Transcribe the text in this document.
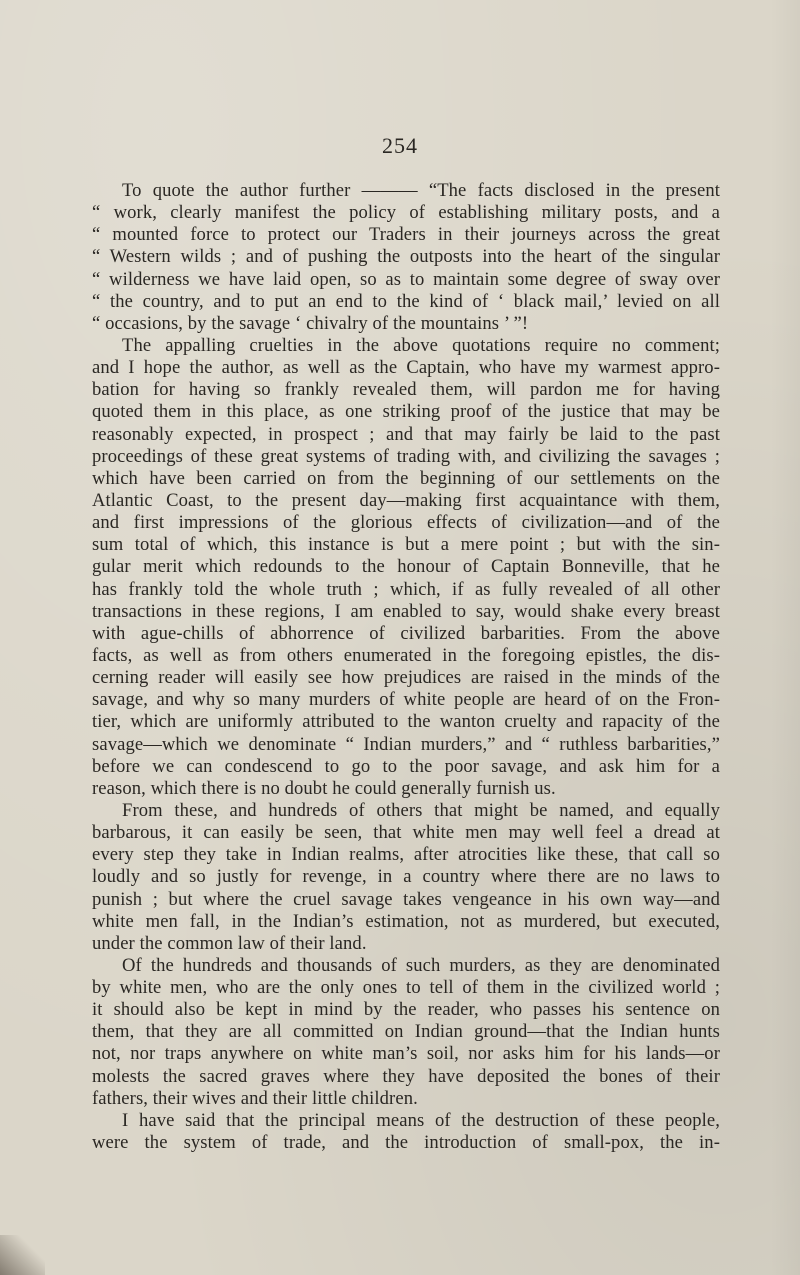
254
To quote the author further ——— “The facts disclosed in the present
“ work, clearly manifest the policy of establishing military posts, and a
“ mounted force to protect our Traders in their journeys across the great
“ Western wilds ; and of pushing the outposts into the heart of the singular
“ wilderness we have laid open, so as to maintain some degree of sway over
“ the country, and to put an end to the kind of ‘ black mail,’ levied on all
“ occasions, by the savage ‘ chivalry of the mountains ’ ”!
The appalling cruelties in the above quotations require no comment;
and I hope the author, as well as the Captain, who have my warmest appro-
bation for having so frankly revealed them, will pardon me for having
quoted them in this place, as one striking proof of the justice that may be
reasonably expected, in prospect ; and that may fairly be laid to the past
proceedings of these great systems of trading with, and civilizing the savages ;
which have been carried on from the beginning of our settlements on the
Atlantic Coast, to the present day—making first acquaintance with them,
and first impressions of the glorious effects of civilization—and of the
sum total of which, this instance is but a mere point ; but with the sin-
gular merit which redounds to the honour of Captain Bonneville, that he
has frankly told the whole truth ; which, if as fully revealed of all other
transactions in these regions, I am enabled to say, would shake every breast
with ague-chills of abhorrence of civilized barbarities. From the above
facts, as well as from others enumerated in the foregoing epistles, the dis-
cerning reader will easily see how prejudices are raised in the minds of the
savage, and why so many murders of white people are heard of on the Fron-
tier, which are uniformly attributed to the wanton cruelty and rapacity of the
savage—which we denominate “ Indian murders,” and “ ruthless barbarities,”
before we can condescend to go to the poor savage, and ask him for a
reason, which there is no doubt he could generally furnish us.
From these, and hundreds of others that might be named, and equally
barbarous, it can easily be seen, that white men may well feel a dread at
every step they take in Indian realms, after atrocities like these, that call so
loudly and so justly for revenge, in a country where there are no laws to
punish ; but where the cruel savage takes vengeance in his own way—and
white men fall, in the Indian’s estimation, not as murdered, but executed,
under the common law of their land.
Of the hundreds and thousands of such murders, as they are denominated
by white men, who are the only ones to tell of them in the civilized world ;
it should also be kept in mind by the reader, who passes his sentence on
them, that they are all committed on Indian ground—that the Indian hunts
not, nor traps anywhere on white man’s soil, nor asks him for his lands—or
molests the sacred graves where they have deposited the bones of their
fathers, their wives and their little children.
I have said that the principal means of the destruction of these people,
were the system of trade, and the introduction of small-pox, the in-
